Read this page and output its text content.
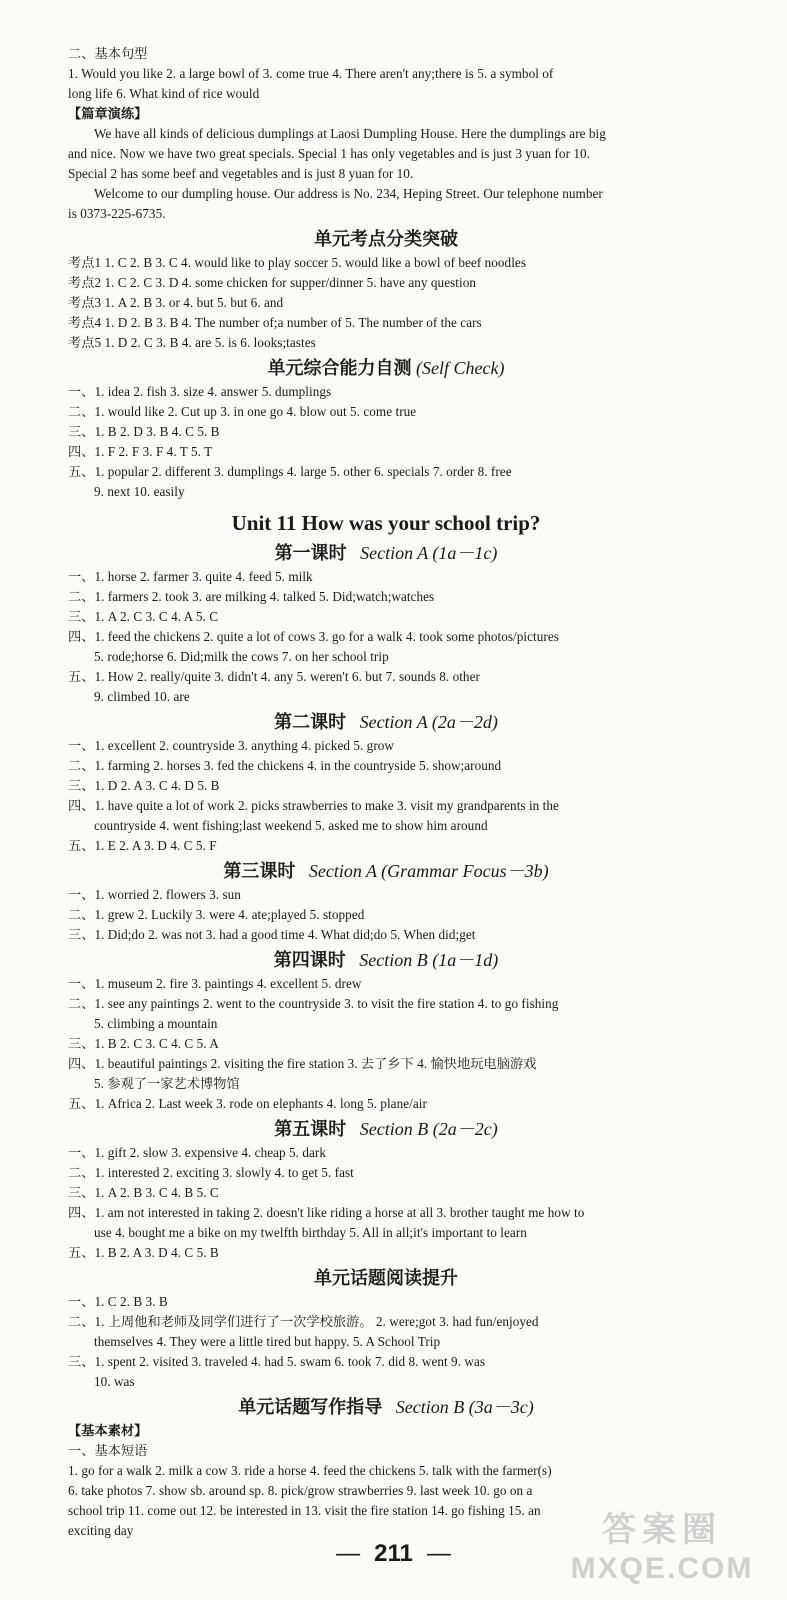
二、基本句型
1. Would you like 2. a large bowl of 3. come true 4. There aren't any;there is 5. a symbol of
long life 6. What kind of rice would
【篇章演练】
We have all kinds of delicious dumplings at Laosi Dumpling House. Here the dumplings are big
and nice. Now we have two great specials. Special 1 has only vegetables and is just 3 yuan for 10.
Special 2 has some beef and vegetables and is just 8 yuan for 10.
Welcome to our dumpling house. Our address is No. 234, Heping Street. Our telephone number
is 0373-225-6735.
单元考点分类突破
考点1 1. C 2. B 3. C 4. would like to play soccer 5. would like a bowl of beef noodles
考点2 1. C 2. C 3. D 4. some chicken for supper/dinner 5. have any question
考点3 1. A 2. B 3. or 4. but 5. but 6. and
考点4 1. D 2. B 3. B 4. The number of;a number of 5. The number of the cars
考点5 1. D 2. C 3. B 4. are 5. is 6. looks;tastes
单元综合能力自测 (Self Check)
一、1. idea 2. fish 3. size 4. answer 5. dumplings
二、1. would like 2. Cut up 3. in one go 4. blow out 5. come true
三、1. B 2. D 3. B 4. C 5. B
四、1. F 2. F 3. F 4. T 5. T
五、1. popular 2. different 3. dumplings 4. large 5. other 6. specials 7. order 8. free
9. next 10. easily
Unit 11 How was your school trip?
第一课时 Section A (1a－1c)
一、1. horse 2. farmer 3. quite 4. feed 5. milk
二、1. farmers 2. took 3. are milking 4. talked 5. Did;watch;watches
三、1. A 2. C 3. C 4. A 5. C
四、1. feed the chickens 2. quite a lot of cows 3. go for a walk 4. took some photos/pictures
5. rode;horse 6. Did;milk the cows 7. on her school trip
五、1. How 2. really/quite 3. didn't 4. any 5. weren't 6. but 7. sounds 8. other
9. climbed 10. are
第二课时 Section A (2a－2d)
一、1. excellent 2. countryside 3. anything 4. picked 5. grow
二、1. farming 2. horses 3. fed the chickens 4. in the countryside 5. show;around
三、1. D 2. A 3. C 4. D 5. B
四、1. have quite a lot of work 2. picks strawberries to make 3. visit my grandparents in the
countryside 4. went fishing;last weekend 5. asked me to show him around
五、1. E 2. A 3. D 4. C 5. F
第三课时 Section A (Grammar Focus－3b)
一、1. worried 2. flowers 3. sun
二、1. grew 2. Luckily 3. were 4. ate;played 5. stopped
三、1. Did;do 2. was not 3. had a good time 4. What did;do 5. When did;get
第四课时 Section B (1a－1d)
一、1. museum 2. fire 3. paintings 4. excellent 5. drew
二、1. see any paintings 2. went to the countryside 3. to visit the fire station 4. to go fishing
5. climbing a mountain
三、1. B 2. C 3. C 4. C 5. A
四、1. beautiful paintings 2. visiting the fire station 3. 去了乡下 4. 愉快地玩电脑游戏
5. 参观了一家艺术博物馆
五、1. Africa 2. Last week 3. rode on elephants 4. long 5. plane/air
第五课时 Section B (2a－2c)
一、1. gift 2. slow 3. expensive 4. cheap 5. dark
二、1. interested 2. exciting 3. slowly 4. to get 5. fast
三、1. A 2. B 3. C 4. B 5. C
四、1. am not interested in taking 2. doesn't like riding a horse at all 3. brother taught me how to
use 4. bought me a bike on my twelfth birthday 5. All in all;it's important to learn
五、1. B 2. A 3. D 4. C 5. B
单元话题阅读提升
一、1. C 2. B 3. B
二、1. 上周他和老师及同学们进行了一次学校旅游。 2. were;got 3. had fun/enjoyed
themselves 4. They were a little tired but happy. 5. A School Trip
三、1. spent 2. visited 3. traveled 4. had 5. swam 6. took 7. did 8. went 9. was
10. was
单元话题写作指导 Section B (3a－3c)
【基本素材】
一、基本短语
1. go for a walk 2. milk a cow 3. ride a horse 4. feed the chickens 5. talk with the farmer(s)
6. take photos 7. show sb. around sp. 8. pick/grow strawberries 9. last week 10. go on a
school trip 11. come out 12. be interested in 13. visit the fire station 14. go fishing 15. an
exciting day
— 211 —
答案圈
MXQE.COM
